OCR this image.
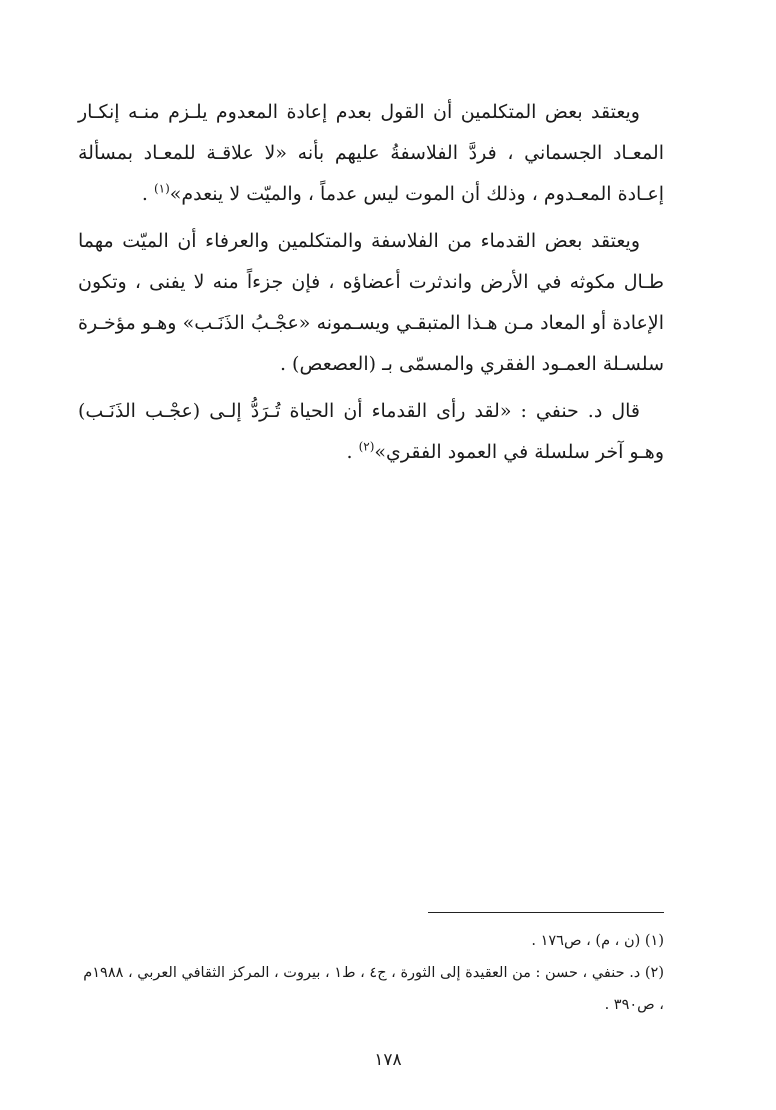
ويعتقد بعض المتكلمين أن القول بعدم إعادة المعدوم يلـزم منـه إنكـار المعـاد الجسماني ، فردَّ الفلاسفةُ عليهم بأنه «لا علاقـة للمعـاد بمسألة إعـادة المعـدوم ، وذلك أن الموت ليس عدماً ، والميّت لا ينعدم»$^{(١)}$ .

ويعتقد بعض القدماء من الفلاسفة والمتكلمين والعرفاء أن الميّت مهما طـال مكوثه في الأرض واندثرت أعضاؤه ، فإن جزءاً منه لا يفنى ، وتكون الإعادة أو المعاد مـن هـذا المتبقـي ويسـمونه «عجْـبُ الذَنَـب» وهـو مؤخـرة سلسـلة العمـود الفقري والمسمّى بـ (العصعص) .

قال د. حنفي : «لقد رأى القدماء أن الحياة تُـرَدُّ إلـى (عجْـب الذَنَـب) وهـو آخر سلسلة في العمود الفقري»$^{(٢)}$ .

(١) (ن ، م) ، ص١٧٦ .

(٢) د. حنفي ، حسن : من العقيدة إلى الثورة ، ج٤ ، ط١ ، بيروت ، المركز الثقافي العربي ، ١٩٨٨م ، ص٣٩٠ .

١٧٨
